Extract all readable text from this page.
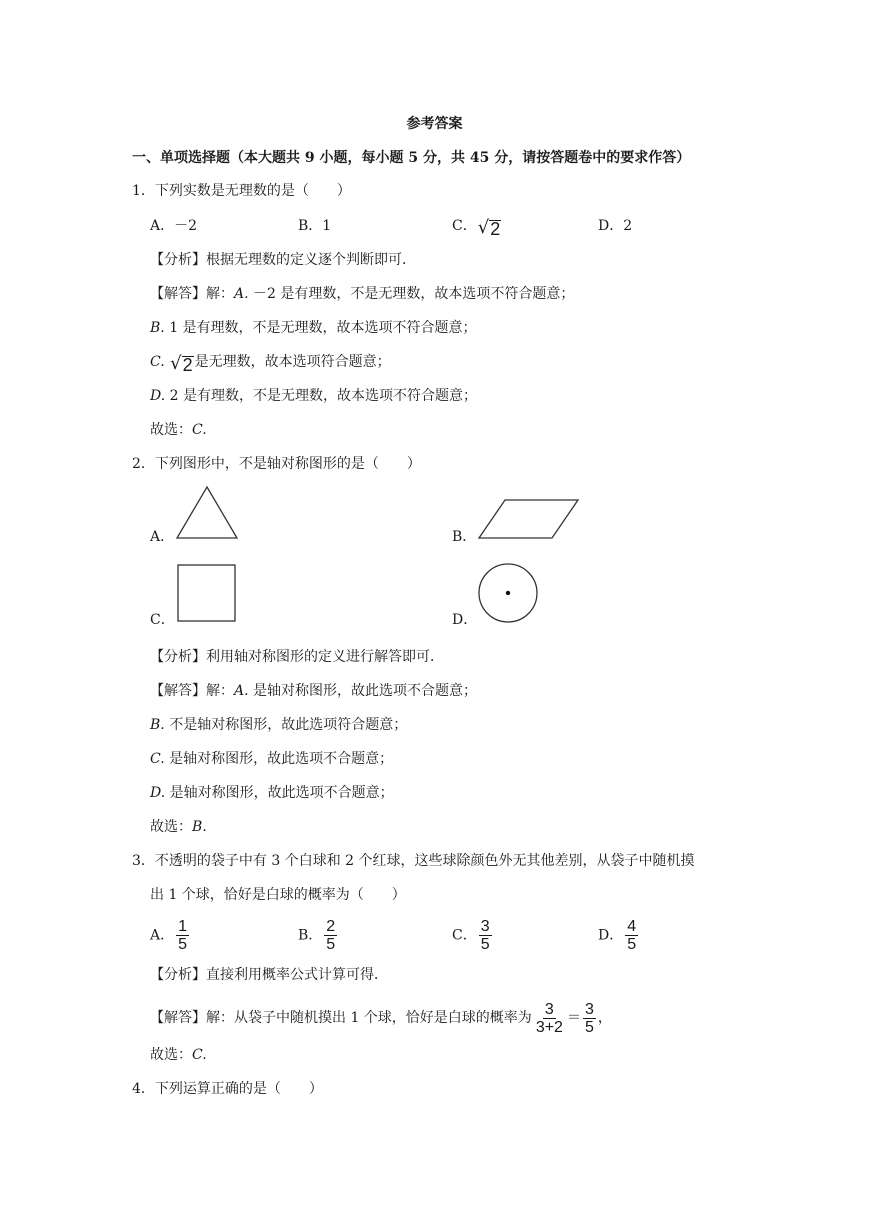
参考答案
一、单项选择题（本大题共 9 小题，每小题 5 分，共 45 分，请按答题卷中的要求作答）
1．下列实数是无理数的是（　　）
A．－2	B．1	C． √ 2	D．2
【分析】根据无理数的定义逐个判断即可．
【解答】解：A. －2 是有理数，不是无理数，故本选项不符合题意；
B. 1 是有理数，不是无理数，故本选项不符合题意；
C. √ 2 是无理数，故本选项符合题意；
D. 2 是有理数，不是无理数，故本选项不符合题意；
故选：C.
2．下列图形中，不是轴对称图形的是（　　）
A．	B．
C．	D．
【分析】利用轴对称图形的定义进行解答即可．
【解答】解：A. 是轴对称图形，故此选项不合题意；
B. 不是轴对称图形，故此选项符合题意；
C. 是轴对称图形，故此选项不合题意；
D. 是轴对称图形，故此选项不合题意；
故选：B.
3．不透明的袋子中有 3 个白球和 2 个红球，这些球除颜色外无其他差别，从袋子中随机摸
出 1 个球，恰好是白球的概率为（　　）
A． $\frac{1}{5}$	B． $\frac{2}{5}$	C． $\frac{3}{5}$	D． $\frac{4}{5}$
【分析】直接利用概率公式计算可得．
【解答】解：从袋子中随机摸出 1 个球，恰好是白球的概率为 $\frac{3}{3+2} = \frac{3}{5}$ ，
故选：C.
4．下列运算正确的是（　　）
